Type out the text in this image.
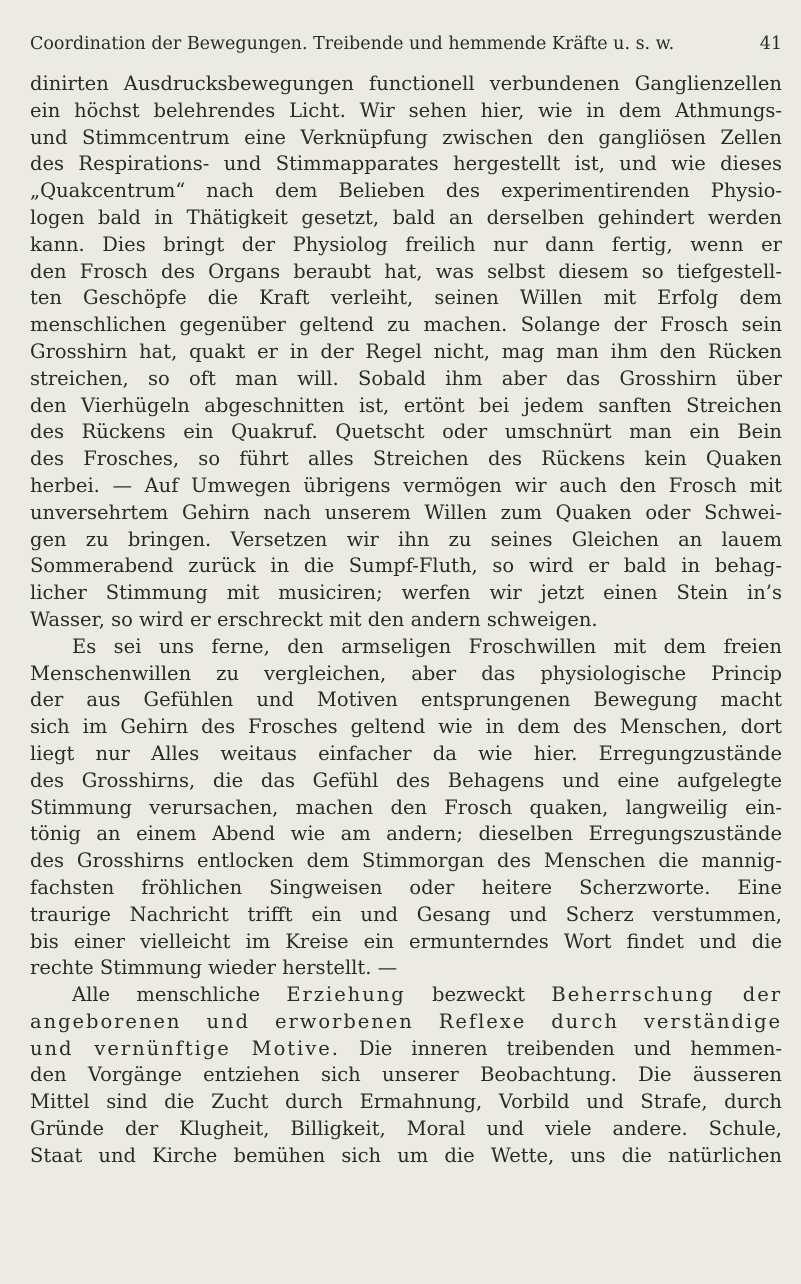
Coordination der Bewegungen. Treibende und hemmende Kräfte u. s. w.	41
dinirten Ausdrucksbewegungen functionell verbundenen Ganglienzellen
ein höchst belehrendes Licht. Wir sehen hier, wie in dem Athmungs-
und Stimmcentrum eine Verknüpfung zwischen den gangliösen Zellen
des Respirations- und Stimmapparates hergestellt ist, und wie dieses
„Quakcentrum“ nach dem Belieben des experimentirenden Physio-
logen bald in Thätigkeit gesetzt, bald an derselben gehindert werden
kann. Dies bringt der Physiolog freilich nur dann fertig, wenn er
den Frosch des Organs beraubt hat, was selbst diesem so tiefgestell-
ten Geschöpfe die Kraft verleiht, seinen Willen mit Erfolg dem
menschlichen gegenüber geltend zu machen. Solange der Frosch sein
Grosshirn hat, quakt er in der Regel nicht, mag man ihm den Rücken
streichen, so oft man will. Sobald ihm aber das Grosshirn über
den Vierhügeln abgeschnitten ist, ertönt bei jedem sanften Streichen
des Rückens ein Quakruf. Quetscht oder umschnürt man ein Bein
des Frosches, so führt alles Streichen des Rückens kein Quaken
herbei. — Auf Umwegen übrigens vermögen wir auch den Frosch mit
unversehrtem Gehirn nach unserem Willen zum Quaken oder Schwei-
gen zu bringen. Versetzen wir ihn zu seines Gleichen an lauem
Sommerabend zurück in die Sumpf-Fluth, so wird er bald in behag-
licher Stimmung mit musiciren; werfen wir jetzt einen Stein in’s
Wasser, so wird er erschreckt mit den andern schweigen.
Es sei uns ferne, den armseligen Froschwillen mit dem freien
Menschenwillen zu vergleichen, aber das physiologische Princip
der aus Gefühlen und Motiven entsprungenen Bewegung macht
sich im Gehirn des Frosches geltend wie in dem des Menschen, dort
liegt nur Alles weitaus einfacher da wie hier. Erregungzustände
des Grosshirns, die das Gefühl des Behagens und eine aufgelegte
Stimmung verursachen, machen den Frosch quaken, langweilig ein-
tönig an einem Abend wie am andern; dieselben Erregungszustände
des Grosshirns entlocken dem Stimmorgan des Menschen die mannig-
fachsten fröhlichen Singweisen oder heitere Scherzworte. Eine
traurige Nachricht trifft ein und Gesang und Scherz verstummen,
bis einer vielleicht im Kreise ein ermunterndes Wort findet und die
rechte Stimmung wieder herstellt. —
Alle menschliche Erziehung bezweckt Beherrschung der
angeborenen und erworbenen Reflexe durch verständige
und vernünftige Motive. Die inneren treibenden und hemmen-
den Vorgänge entziehen sich unserer Beobachtung. Die äusseren
Mittel sind die Zucht durch Ermahnung, Vorbild und Strafe, durch
Gründe der Klugheit, Billigkeit, Moral und viele andere. Schule,
Staat und Kirche bemühen sich um die Wette, uns die natürlichen
